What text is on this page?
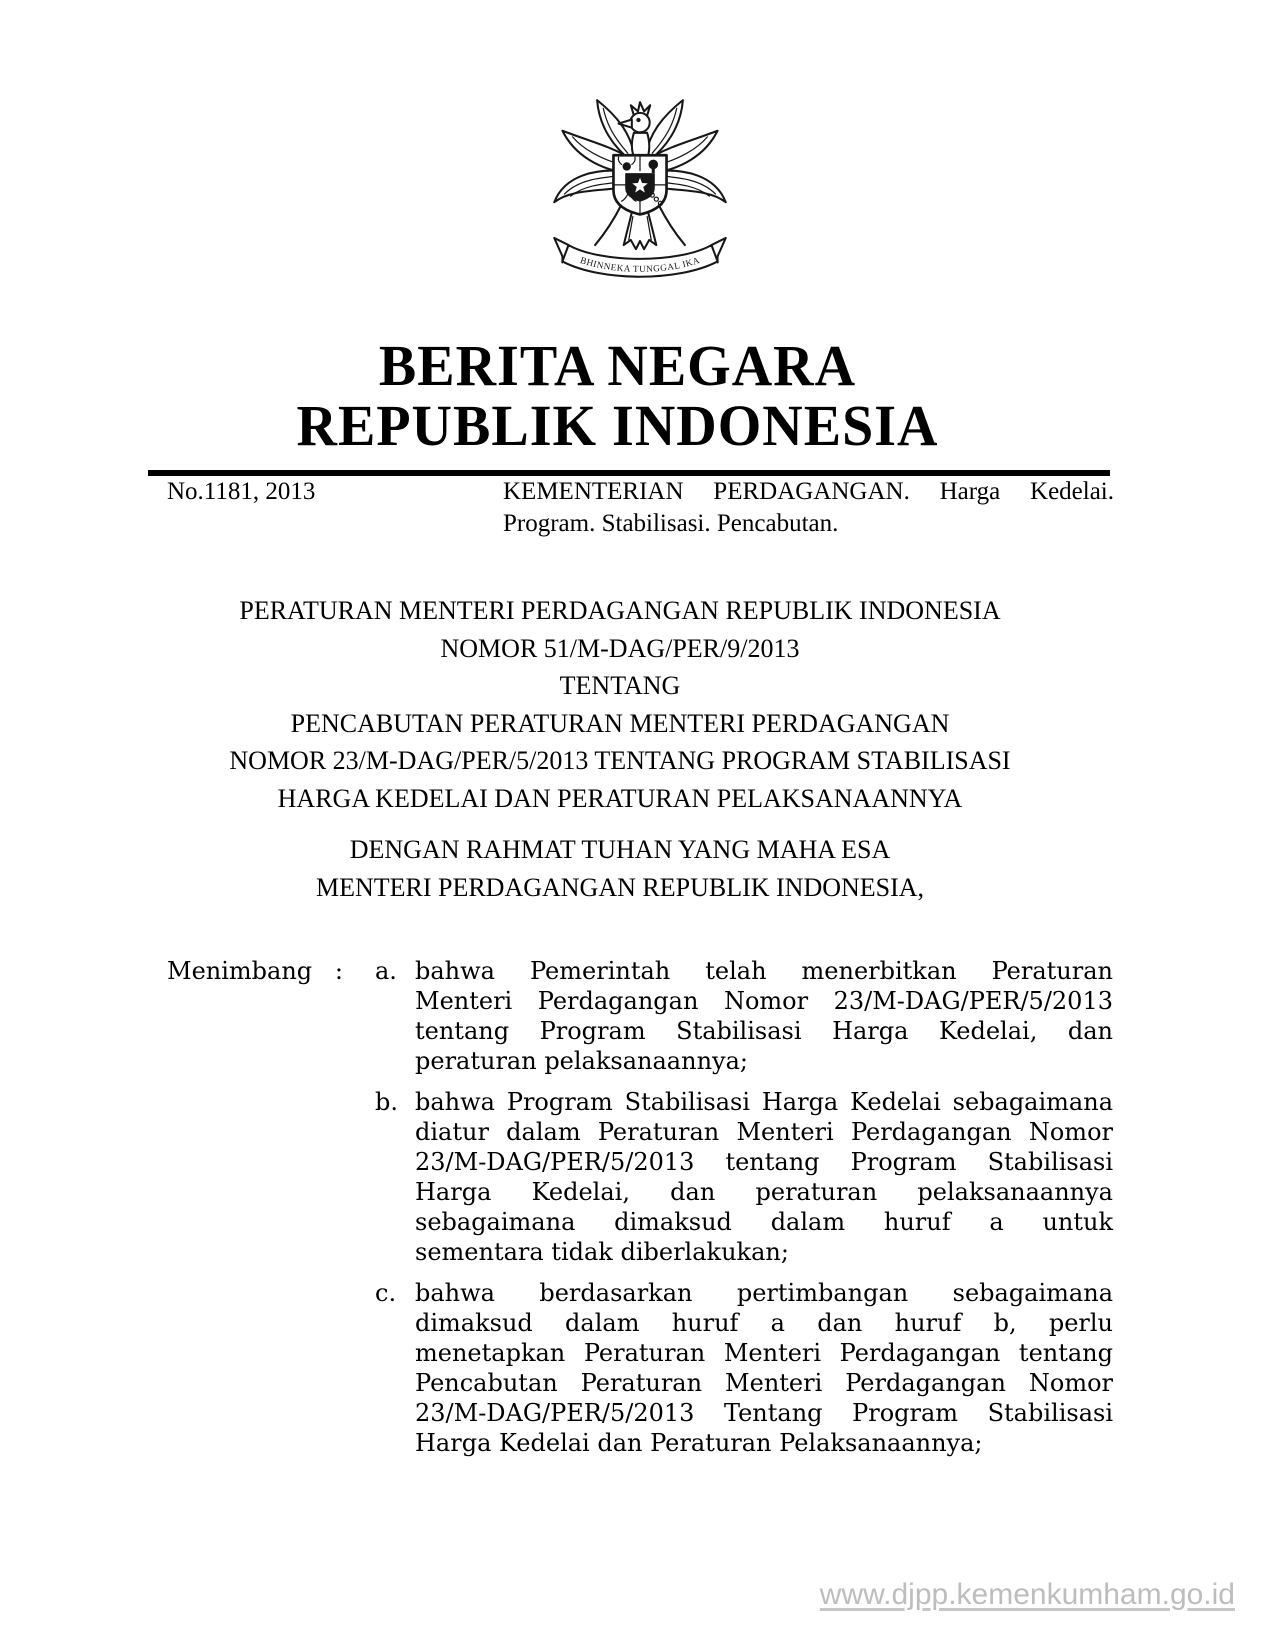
BHINNEKA TUNGGAL IKA
BERITA NEGARA
REPUBLIK INDONESIA
No.1181, 2013	KEMENTERIAN PERDAGANGAN. Harga Kedelai.
Program. Stabilisasi. Pencabutan.
PERATURAN MENTERI PERDAGANGAN REPUBLIK INDONESIA
NOMOR 51/M-DAG/PER/9/2013
TENTANG
PENCABUTAN PERATURAN MENTERI PERDAGANGAN
NOMOR 23/M-DAG/PER/5/2013 TENTANG PROGRAM STABILISASI
HARGA KEDELAI DAN PERATURAN PELAKSANAANNYA
DENGAN RAHMAT TUHAN YANG MAHA ESA
MENTERI PERDAGANGAN REPUBLIK INDONESIA,
Menimbang : a. bahwa Pemerintah telah menerbitkan Peraturan
Menteri Perdagangan Nomor 23/M-DAG/PER/5/2013
tentang Program Stabilisasi Harga Kedelai, dan
peraturan pelaksanaannya;
b. bahwa Program Stabilisasi Harga Kedelai sebagaimana
diatur dalam Peraturan Menteri Perdagangan Nomor
23/M-DAG/PER/5/2013 tentang Program Stabilisasi
Harga Kedelai, dan peraturan pelaksanaannya
sebagaimana dimaksud dalam huruf a untuk
sementara tidak diberlakukan;
c. bahwa berdasarkan pertimbangan sebagaimana
dimaksud dalam huruf a dan huruf b, perlu
menetapkan Peraturan Menteri Perdagangan tentang
Pencabutan Peraturan Menteri Perdagangan Nomor
23/M-DAG/PER/5/2013 Tentang Program Stabilisasi
Harga Kedelai dan Peraturan Pelaksanaannya;
www.djpp.kemenkumham.go.id
